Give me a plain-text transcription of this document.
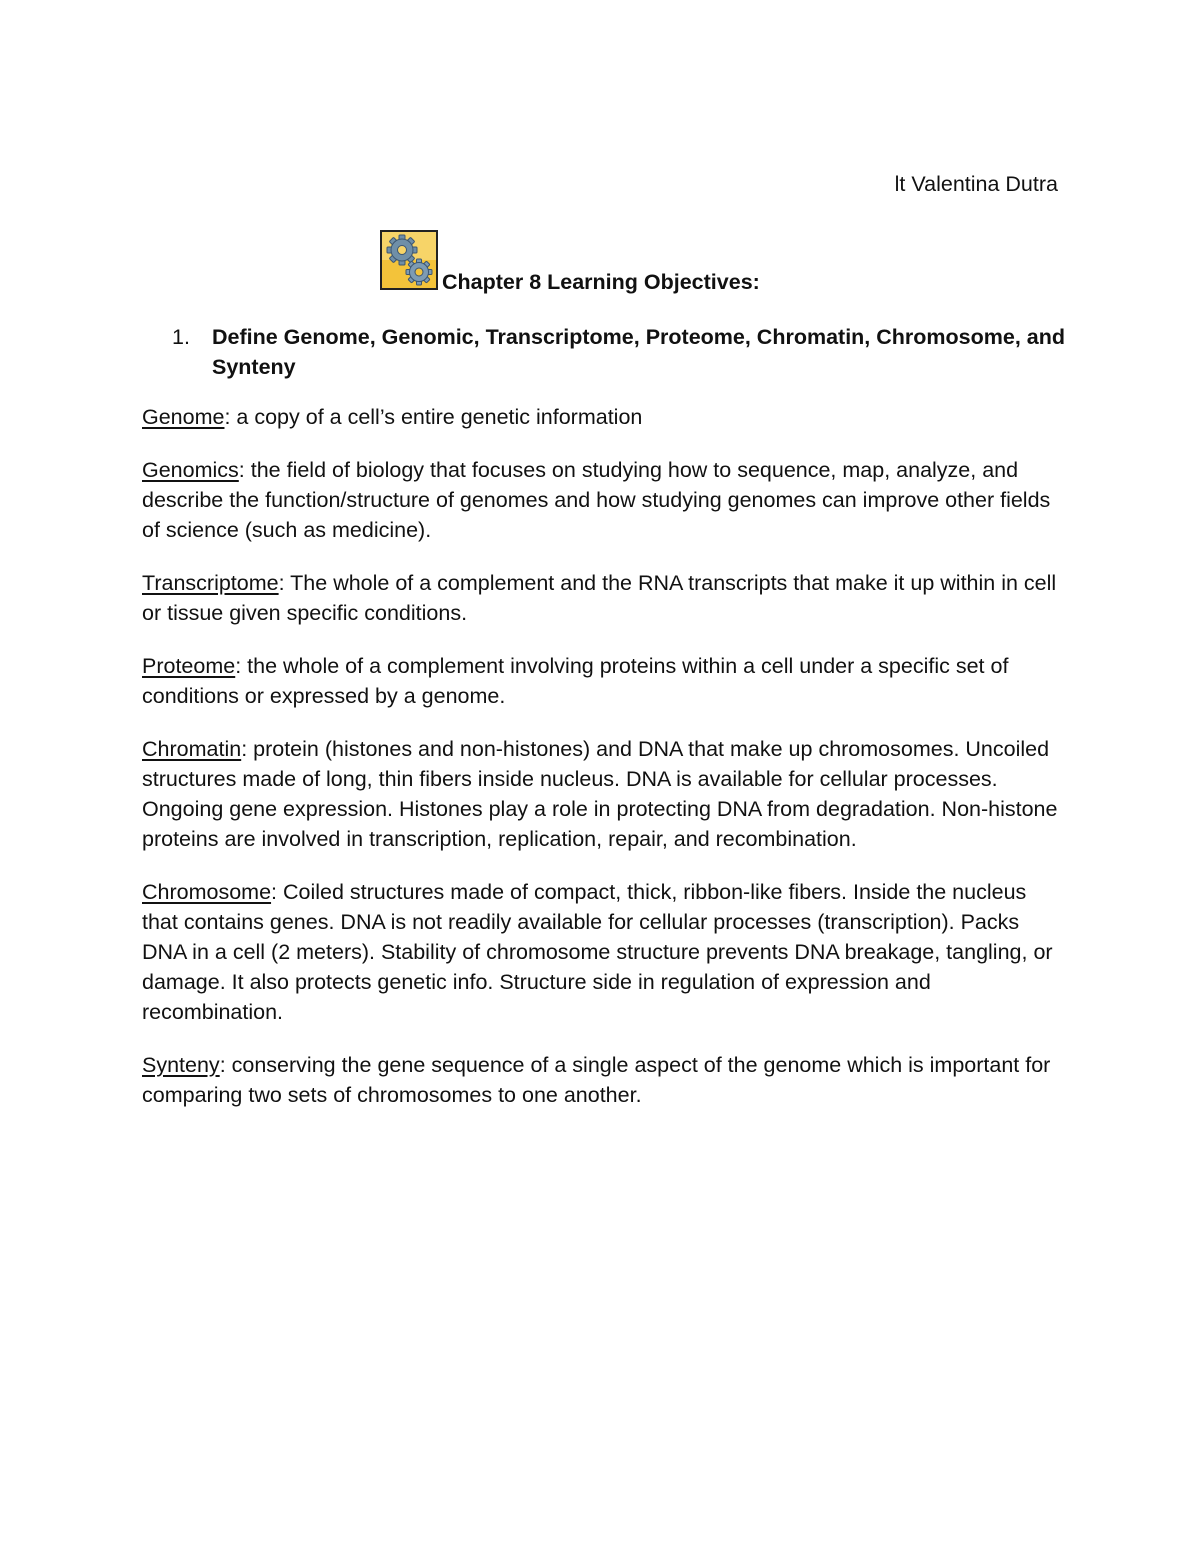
lt Valentina Dutra
Chapter 8 Learning Objectives:
1. Define Genome, Genomic, Transcriptome, Proteome, Chromatin, Chromosome, and Synteny

Genome: a copy of a cell’s entire genetic information

Genomics: the field of biology that focuses on studying how to sequence, map, analyze, and describe the function/structure of genomes and how studying genomes can improve other fields of science (such as medicine).

Transcriptome: The whole of a complement and the RNA transcripts that make it up within in cell or tissue given specific conditions.

Proteome: the whole of a complement involving proteins within a cell under a specific set of conditions or expressed by a genome.

Chromatin: protein (histones and non-histones) and DNA that make up chromosomes. Uncoiled structures made of long, thin fibers inside nucleus. DNA is available for cellular processes. Ongoing gene expression. Histones play a role in protecting DNA from degradation. Non-histone proteins are involved in transcription, replication, repair, and recombination.

Chromosome: Coiled structures made of compact, thick, ribbon-like fibers. Inside the nucleus that contains genes. DNA is not readily available for cellular processes (transcription). Packs DNA in a cell (2 meters). Stability of chromosome structure prevents DNA breakage, tangling, or damage. It also protects genetic info. Structure side in regulation of expression and recombination.

Synteny: conserving the gene sequence of a single aspect of the genome which is important for comparing two sets of chromosomes to one another.
